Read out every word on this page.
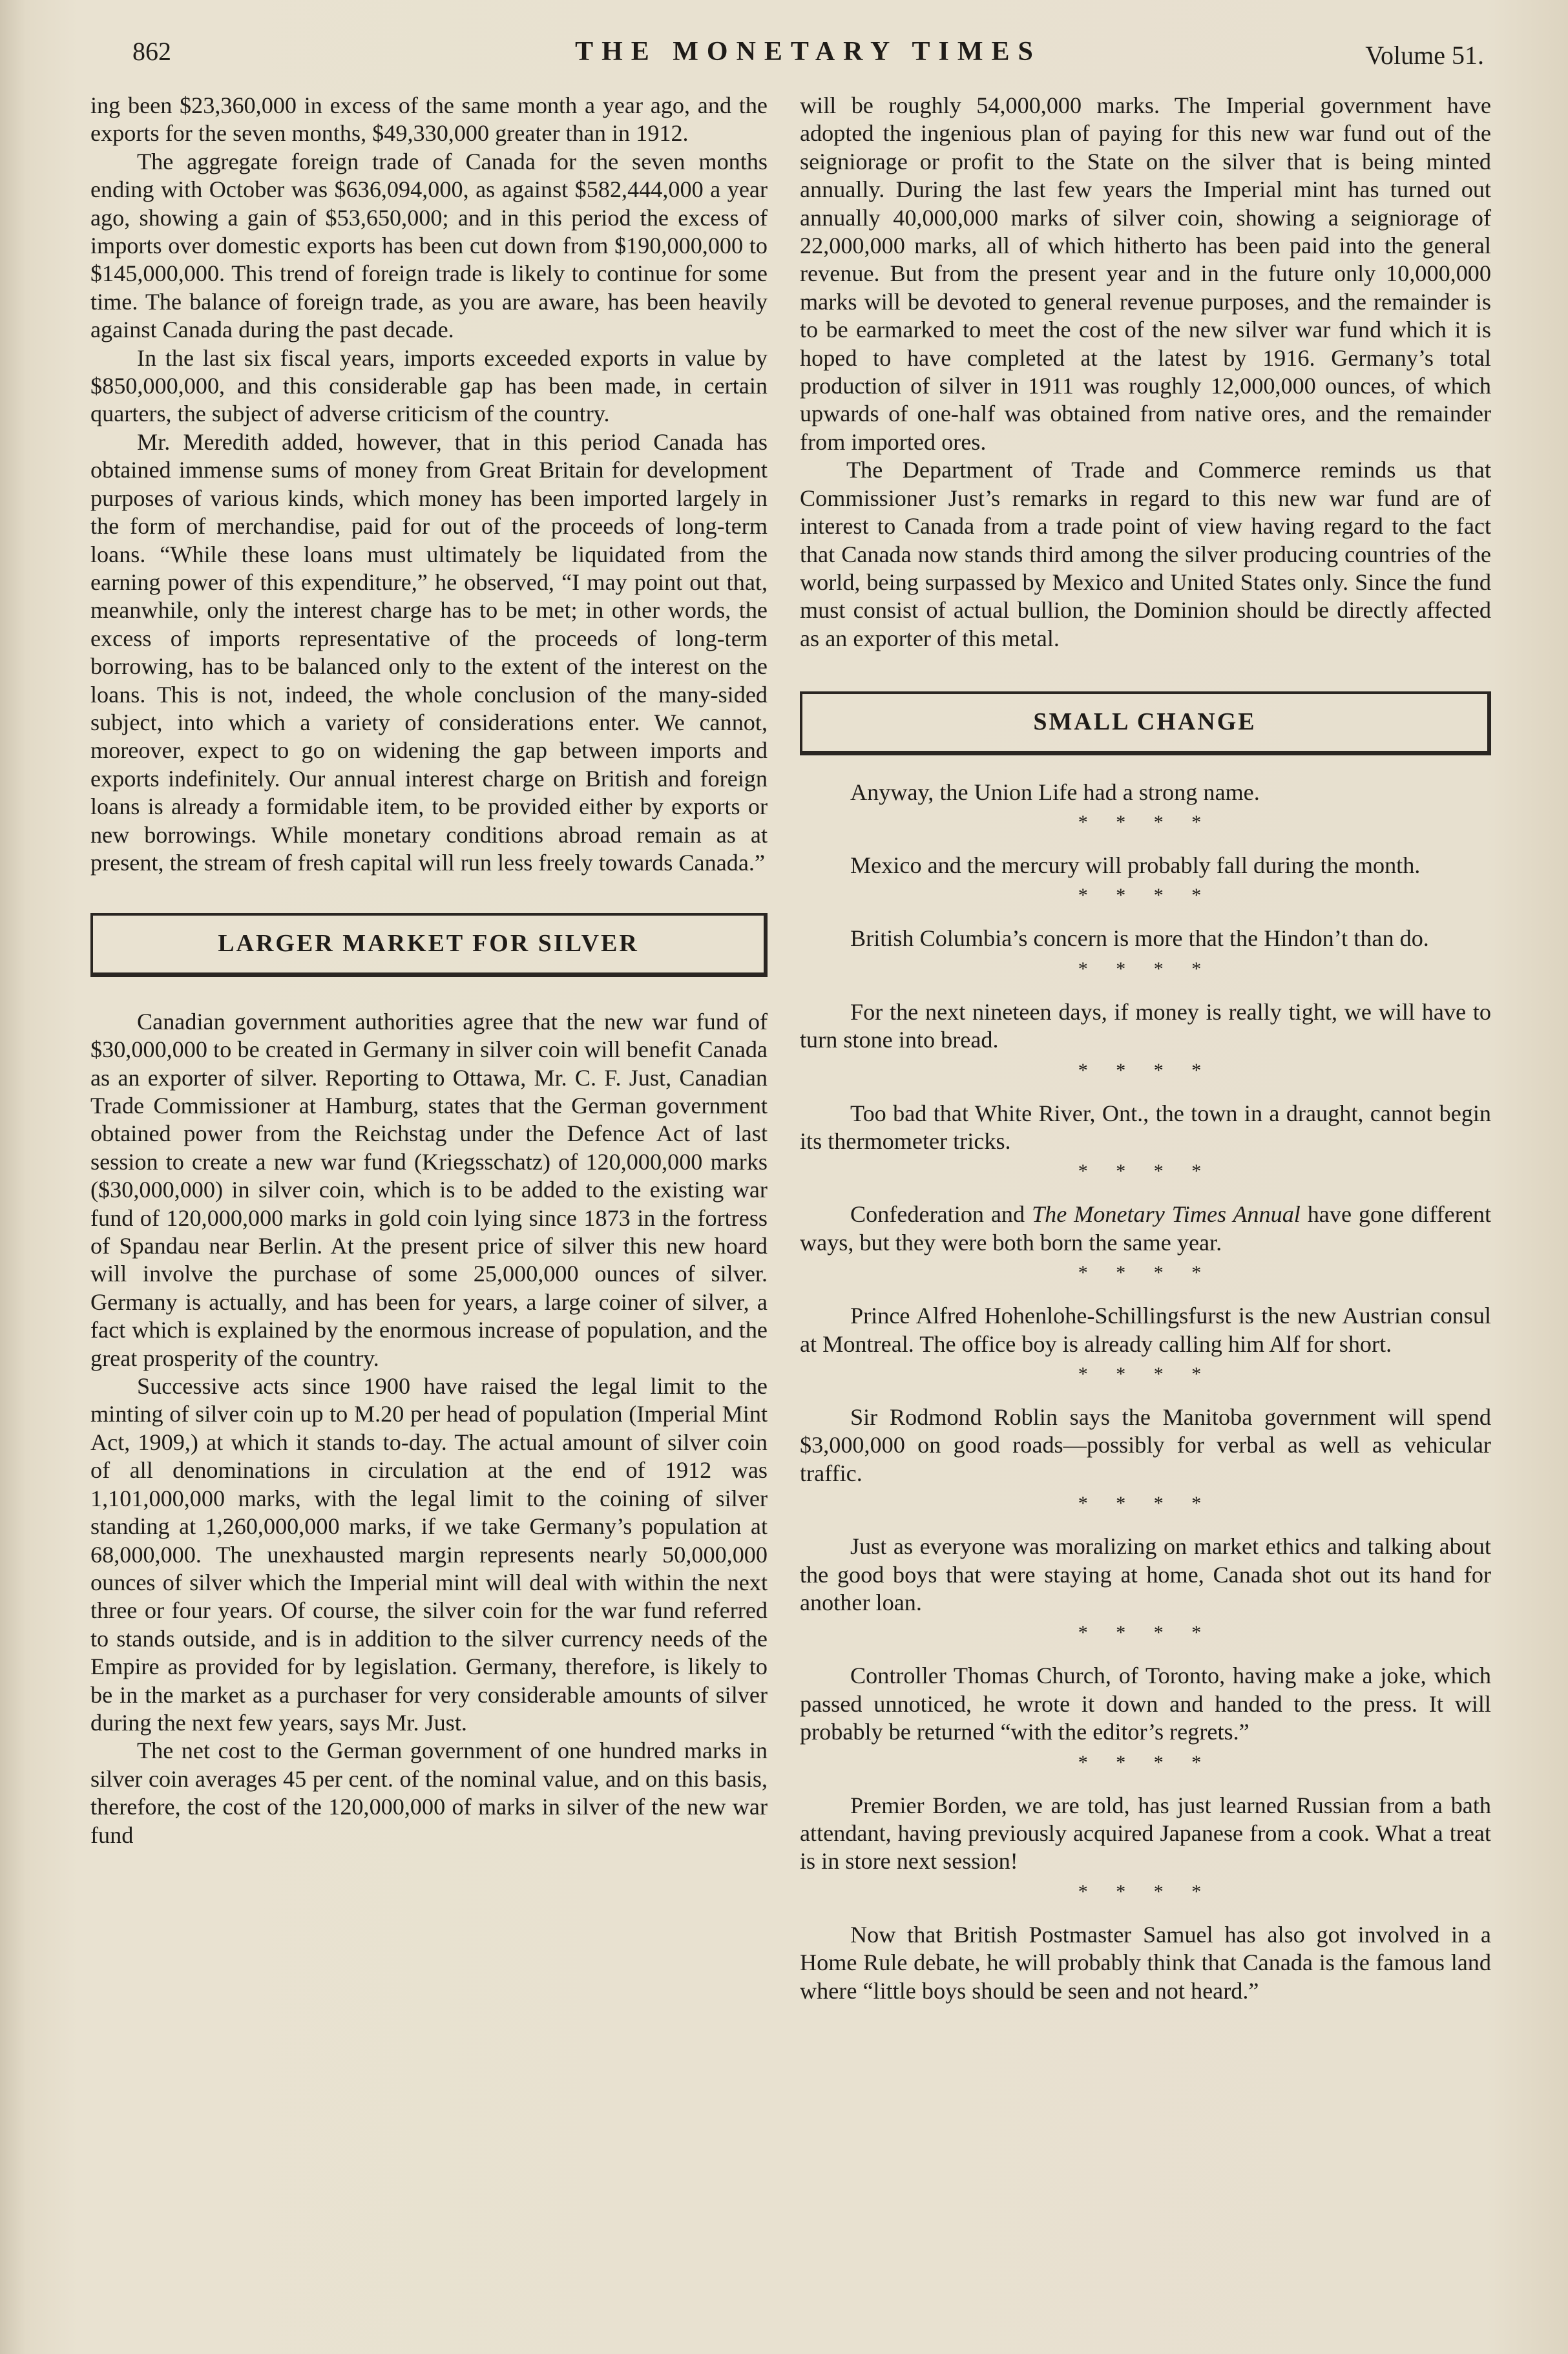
862	THE MONETARY TIMES	Volume 51.

ing been $23,360,000 in excess of the same month a year ago, and the exports for the seven months, $49,330,000 greater than in 1912.

The aggregate foreign trade of Canada for the seven months ending with October was $636,094,000, as against $582,444,000 a year ago, showing a gain of $53,650,000; and in this period the excess of imports over domestic exports has been cut down from $190,000,000 to $145,000,000. This trend of foreign trade is likely to continue for some time. The balance of foreign trade, as you are aware, has been heavily against Canada during the past decade.

In the last six fiscal years, imports exceeded exports in value by $850,000,000, and this considerable gap has been made, in certain quarters, the subject of adverse criticism of the country.

Mr. Meredith added, however, that in this period Canada has obtained immense sums of money from Great Britain for development purposes of various kinds, which money has been imported largely in the form of merchandise, paid for out of the proceeds of long-term loans. “While these loans must ultimately be liquidated from the earning power of this expenditure,” he observed, “I may point out that, meanwhile, only the interest charge has to be met; in other words, the excess of imports representative of the proceeds of long-term borrowing, has to be balanced only to the extent of the interest on the loans. This is not, indeed, the whole conclusion of the many-sided subject, into which a variety of considerations enter. We cannot, moreover, expect to go on widening the gap between imports and exports indefinitely. Our annual interest charge on British and foreign loans is already a formidable item, to be provided either by exports or new borrowings. While monetary conditions abroad remain as at present, the stream of fresh capital will run less freely towards Canada.”

LARGER MARKET FOR SILVER

Canadian government authorities agree that the new war fund of $30,000,000 to be created in Germany in silver coin will benefit Canada as an exporter of silver. Reporting to Ottawa, Mr. C. F. Just, Canadian Trade Commissioner at Hamburg, states that the German government obtained power from the Reichstag under the Defence Act of last session to create a new war fund (Kriegsschatz) of 120,000,000 marks ($30,000,000) in silver coin, which is to be added to the existing war fund of 120,000,000 marks in gold coin lying since 1873 in the fortress of Spandau near Berlin. At the present price of silver this new hoard will involve the purchase of some 25,000,000 ounces of silver. Germany is actually, and has been for years, a large coiner of silver, a fact which is explained by the enormous increase of population, and the great prosperity of the country.

Successive acts since 1900 have raised the legal limit to the minting of silver coin up to M.20 per head of population (Imperial Mint Act, 1909,) at which it stands to-day. The actual amount of silver coin of all denominations in circulation at the end of 1912 was 1,101,000,000 marks, with the legal limit to the coining of silver standing at 1,260,000,000 marks, if we take Germany’s population at 68,000,000. The unexhausted margin represents nearly 50,000,000 ounces of silver which the Imperial mint will deal with within the next three or four years. Of course, the silver coin for the war fund referred to stands outside, and is in addition to the silver currency needs of the Empire as provided for by legislation. Germany, therefore, is likely to be in the market as a purchaser for very considerable amounts of silver during the next few years, says Mr. Just.

The net cost to the German government of one hundred marks in silver coin averages 45 per cent. of the nominal value, and on this basis, therefore, the cost of the 120,000,000 of marks in silver of the new war fund

will be roughly 54,000,000 marks. The Imperial government have adopted the ingenious plan of paying for this new war fund out of the seigniorage or profit to the State on the silver that is being minted annually. During the last few years the Imperial mint has turned out annually 40,000,000 marks of silver coin, showing a seigniorage of 22,000,000 marks, all of which hitherto has been paid into the general revenue. But from the present year and in the future only 10,000,000 marks will be devoted to general revenue purposes, and the remainder is to be earmarked to meet the cost of the new silver war fund which it is hoped to have completed at the latest by 1916. Germany’s total production of silver in 1911 was roughly 12,000,000 ounces, of which upwards of one-half was obtained from native ores, and the remainder from imported ores.

The Department of Trade and Commerce reminds us that Commissioner Just’s remarks in regard to this new war fund are of interest to Canada from a trade point of view having regard to the fact that Canada now stands third among the silver producing countries of the world, being surpassed by Mexico and United States only. Since the fund must consist of actual bullion, the Dominion should be directly affected as an exporter of this metal.

SMALL CHANGE

Anyway, the Union Life had a strong name.

* * * *

Mexico and the mercury will probably fall during the month.

* * * *

British Columbia’s concern is more that the Hindon’t than do.

* * * *

For the next nineteen days, if money is really tight, we will have to turn stone into bread.

* * * *

Too bad that White River, Ont., the town in a draught, cannot begin its thermometer tricks.

* * * *

Confederation and The Monetary Times Annual have gone different ways, but they were both born the same year.

* * * *

Prince Alfred Hohenlohe-Schillingsfurst is the new Austrian consul at Montreal. The office boy is already calling him Alf for short.

* * * *

Sir Rodmond Roblin says the Manitoba government will spend $3,000,000 on good roads—possibly for verbal as well as vehicular traffic.

* * * *

Just as everyone was moralizing on market ethics and talking about the good boys that were staying at home, Canada shot out its hand for another loan.

* * * *

Controller Thomas Church, of Toronto, having make a joke, which passed unnoticed, he wrote it down and handed to the press. It will probably be returned “with the editor’s regrets.”

* * * *

Premier Borden, we are told, has just learned Russian from a bath attendant, having previously acquired Japanese from a cook. What a treat is in store next session!

* * * *

Now that British Postmaster Samuel has also got involved in a Home Rule debate, he will probably think that Canada is the famous land where “little boys should be seen and not heard.”
